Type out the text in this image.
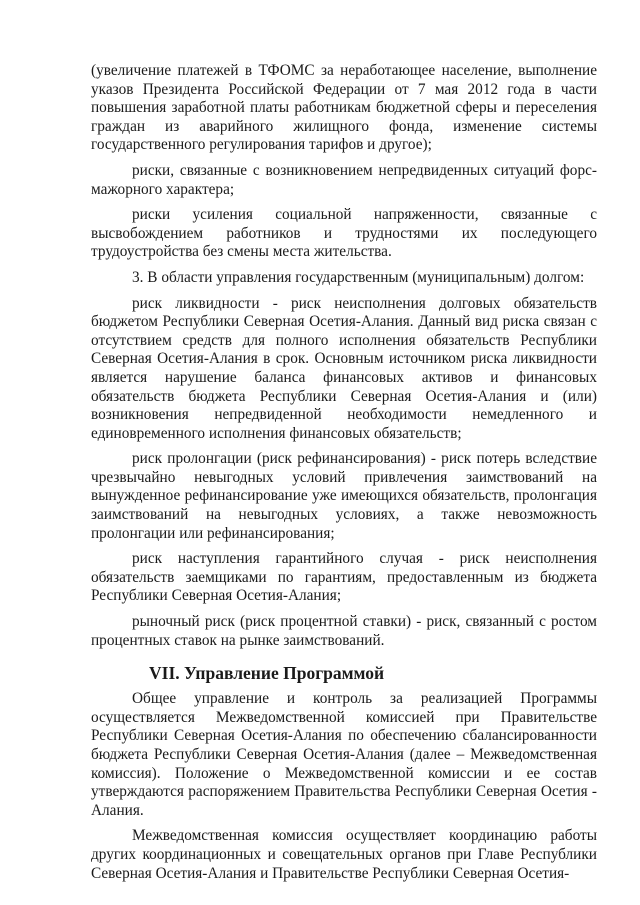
(увеличение платежей в ТФОМС за неработающее население, выполнение указов Президента Российской Федерации от 7 мая 2012 года в части повышения заработной платы работникам бюджетной сферы и переселения граждан из аварийного жилищного фонда, изменение системы государственного регулирования тарифов и другое);

риски, связанные с возникновением непредвиденных ситуаций форс-мажорного характера;

риски усиления социальной напряженности, связанные с высвобождением работников и трудностями их последующего трудоустройства без смены места жительства.

3. В области управления государственным (муниципальным) долгом:

риск ликвидности - риск неисполнения долговых обязательств бюджетом Республики Северная Осетия-Алания. Данный вид риска связан с отсутствием средств для полного исполнения обязательств Республики Северная Осетия-Алания в срок. Основным источником риска ликвидности является нарушение баланса финансовых активов и финансовых обязательств бюджета Республики Северная Осетия-Алания и (или) возникновения непредвиденной необходимости немедленного и единовременного исполнения финансовых обязательств;

риск пролонгации (риск рефинансирования) - риск потерь вследствие чрезвычайно невыгодных условий привлечения заимствований на вынужденное рефинансирование уже имеющихся обязательств, пролонгация заимствований на невыгодных условиях, а также невозможность пролонгации или рефинансирования;

риск наступления гарантийного случая - риск неисполнения обязательств заемщиками по гарантиям, предоставленным из бюджета Республики Северная Осетия-Алания;

рыночный риск (риск процентной ставки) - риск, связанный с ростом процентных ставок на рынке заимствований.

VII. Управление Программой

Общее управление и контроль за реализацией Программы осуществляется Межведомственной комиссией при Правительстве Республики Северная Осетия-Алания по обеспечению сбалансированности бюджета Республики Северная Осетия-Алания (далее – Межведомственная комиссия). Положение о Межведомственной комиссии и ее состав утверждаются распоряжением Правительства Республики Северная Осетия - Алания.

Межведомственная комиссия осуществляет координацию работы других координационных и совещательных органов при Главе Республики Северная Осетия-Алания и Правительстве Республики Северная Осетия-
